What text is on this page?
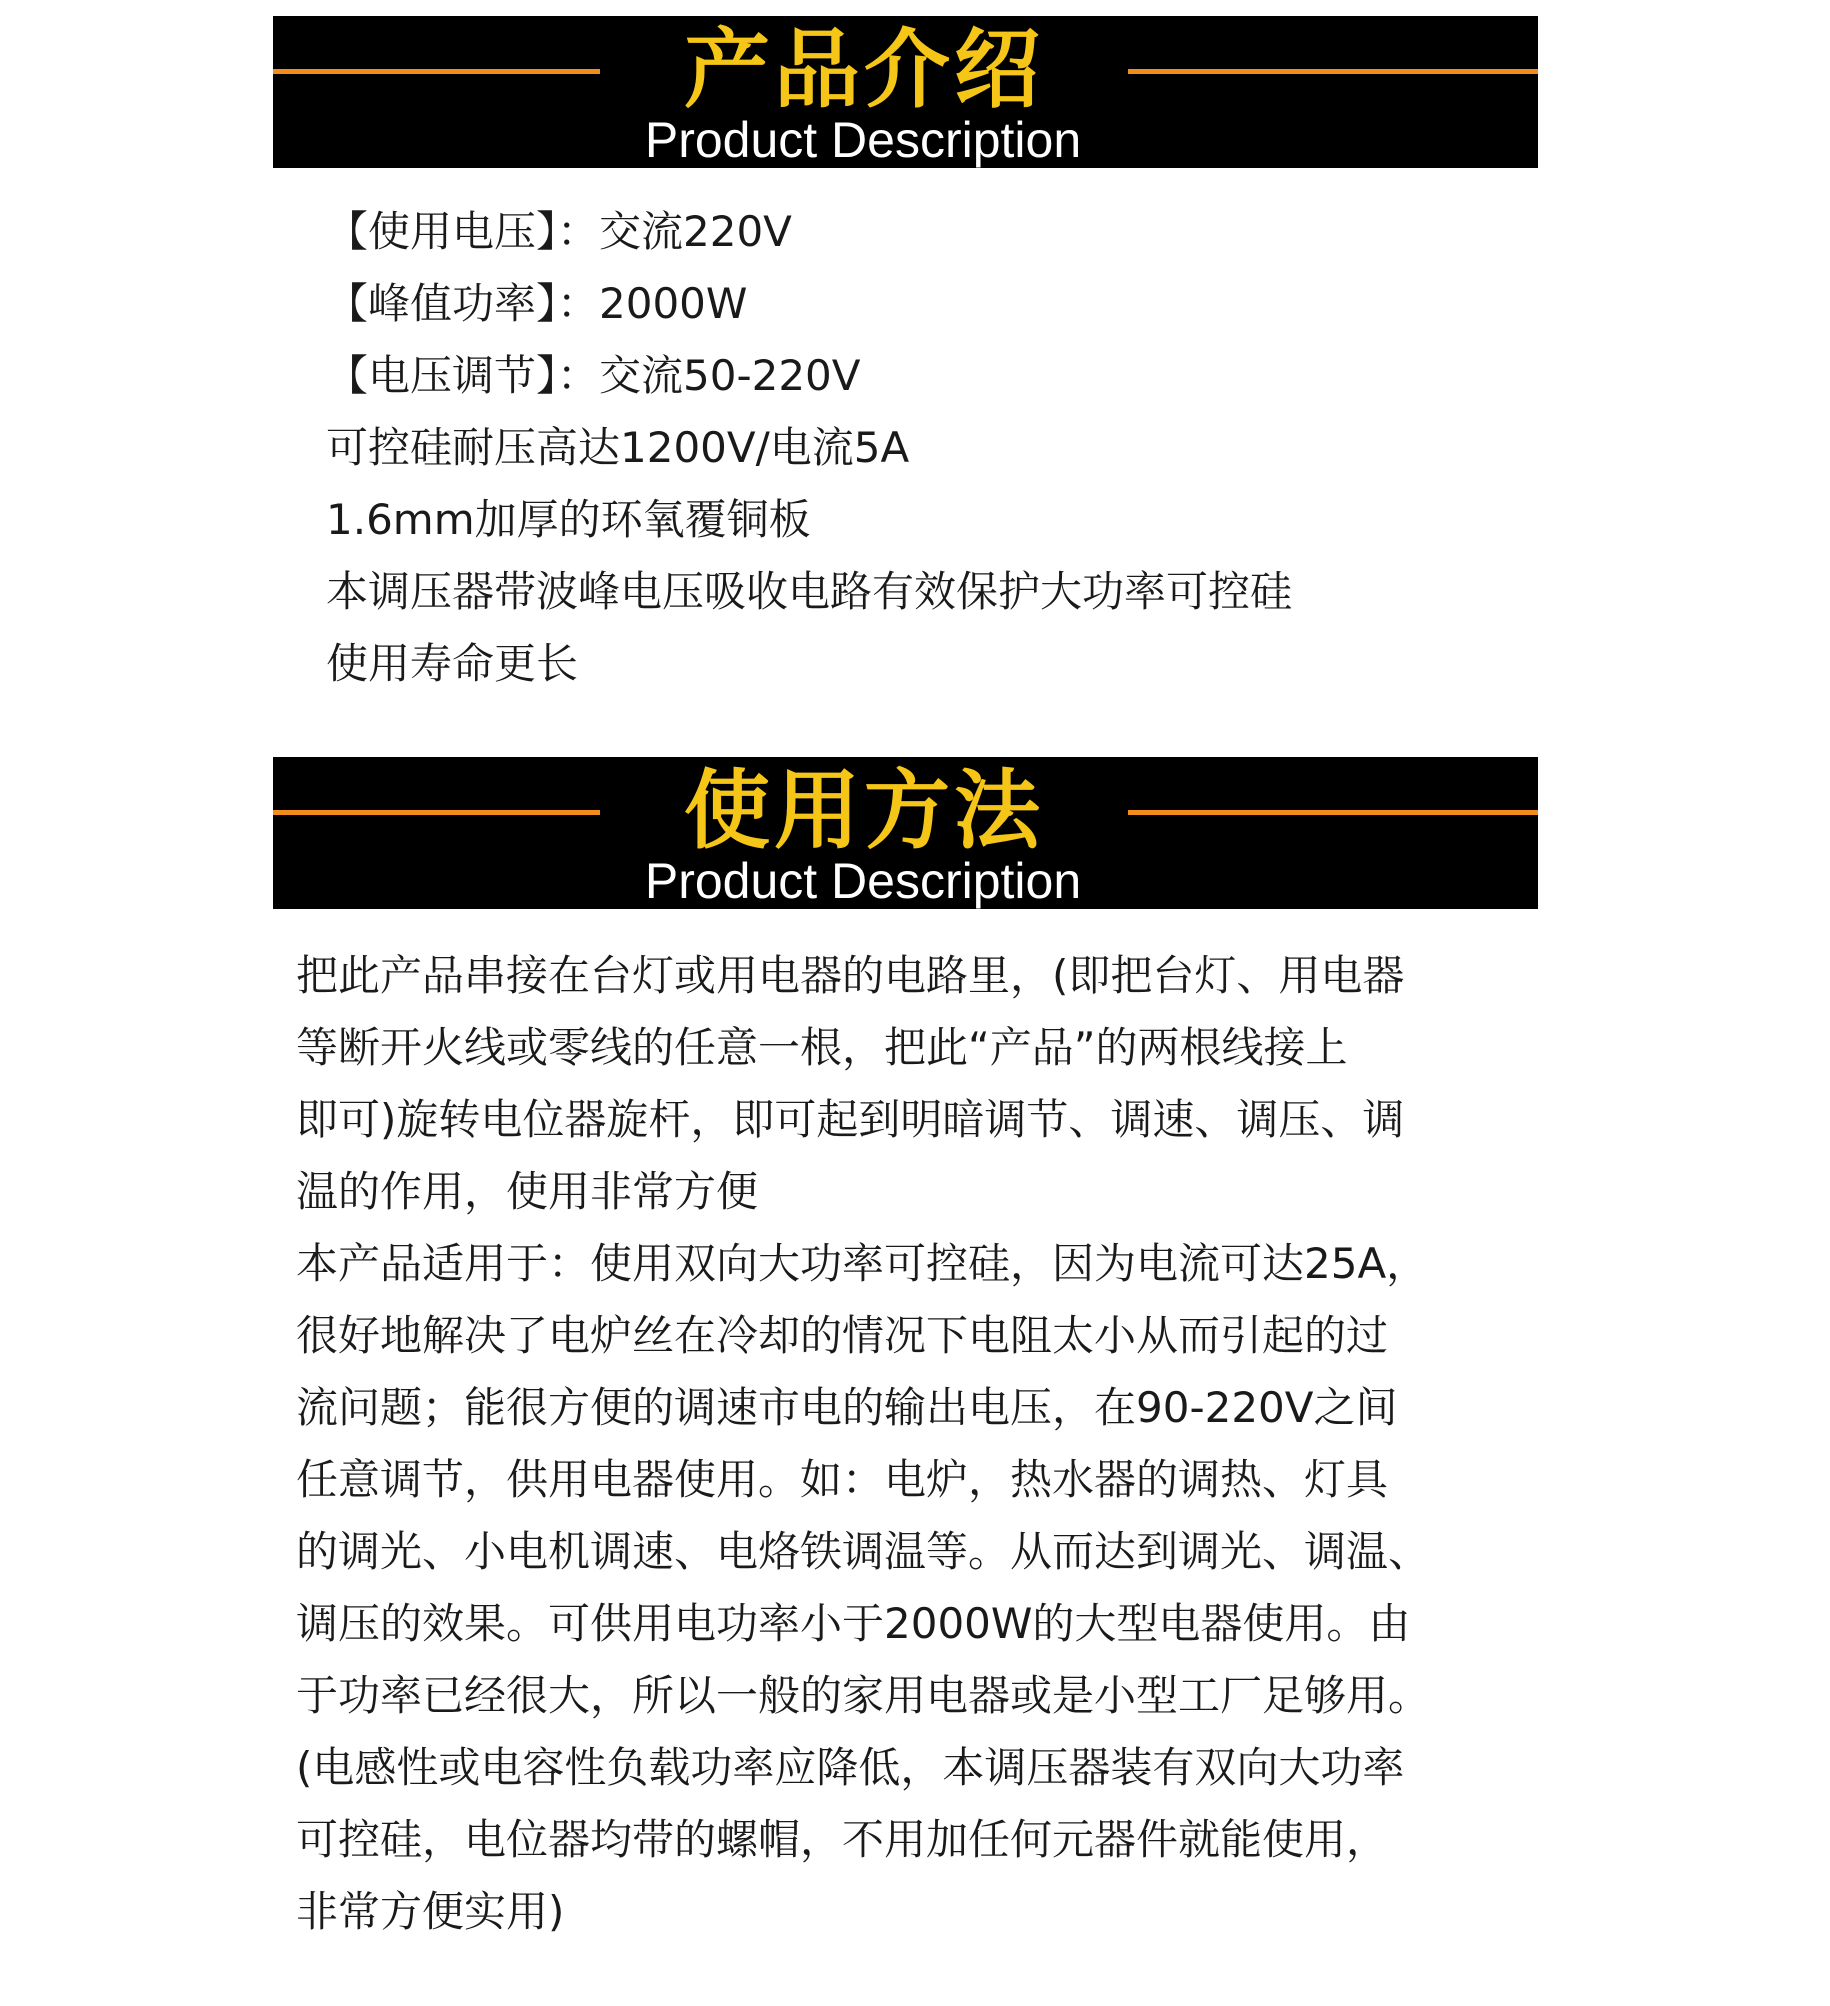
产品介绍
Product Description
【使用电压】：交流220V
【峰值功率】：2000W
【电压调节】：交流50-220V
可控硅耐压高达1200V/电流5A
1.6mm加厚的环氧覆铜板
本调压器带波峰电压吸收电路有效保护大功率可控硅
使用寿命更长
使用方法
Product Description
把此产品串接在台灯或用电器的电路里，(即把台灯、用电器
等断开火线或零线的任意一根，把此“产品”的两根线接上
即可)旋转电位器旋杆，即可起到明暗调节、调速、调压、调
温的作用，使用非常方便
本产品适用于：使用双向大功率可控硅，因为电流可达25A，
很好地解决了电炉丝在冷却的情况下电阻太小从而引起的过
流问题；能很方便的调速市电的输出电压，在90-220V之间
任意调节，供用电器使用。如：电炉，热水器的调热、灯具
的调光、小电机调速、电烙铁调温等。从而达到调光、调温、
调压的效果。可供用电功率小于2000W的大型电器使用。由
于功率已经很大，所以一般的家用电器或是小型工厂足够用。
(电感性或电容性负载功率应降低，本调压器装有双向大功率
可控硅，电位器均带的螺帽，不用加任何元器件就能使用，
非常方便实用)
